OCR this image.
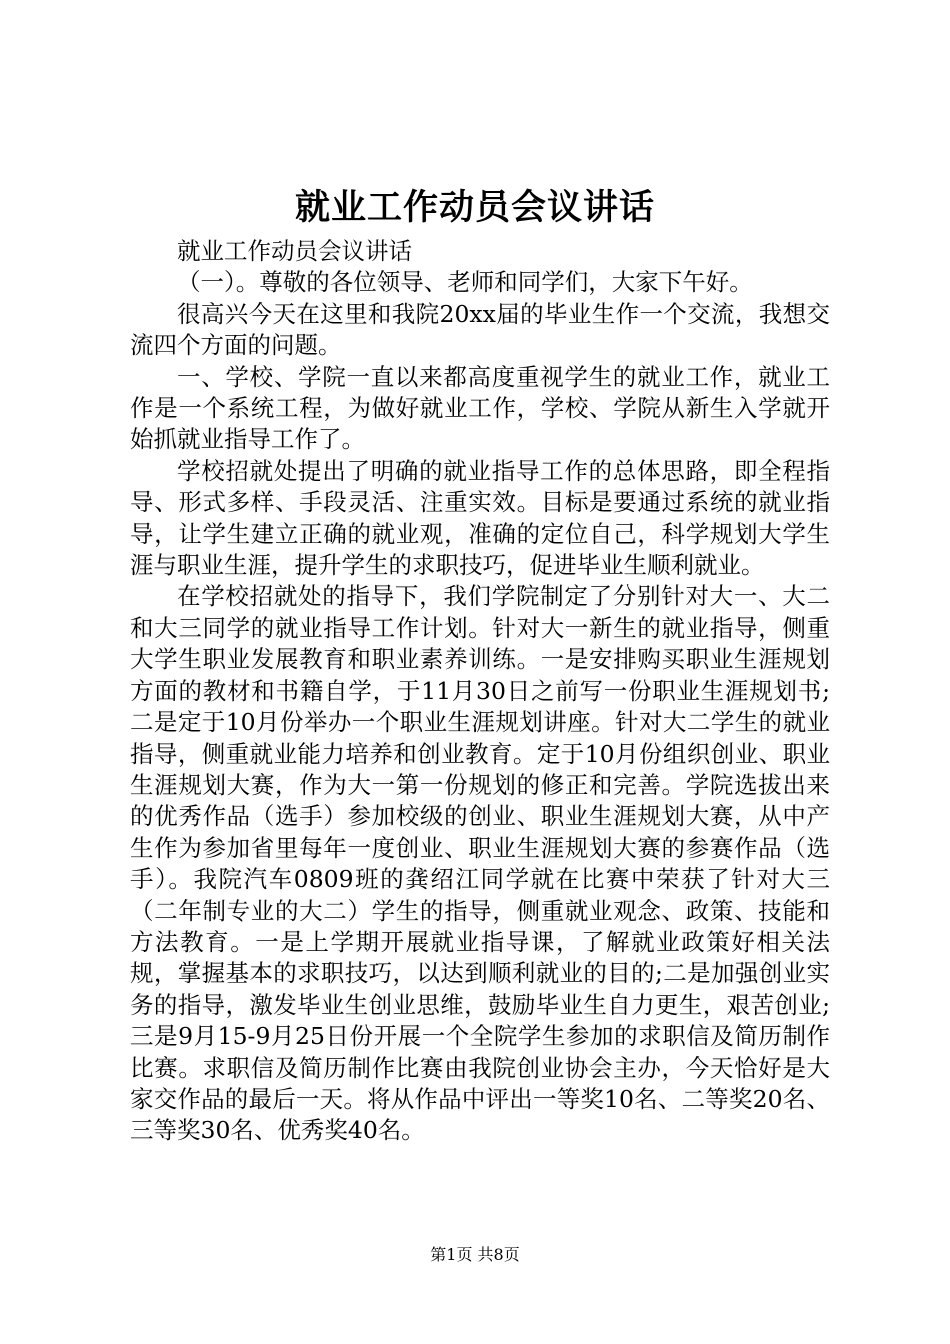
就业工作动员会议讲话

就业工作动员会议讲话

（一）。尊敬的各位领导、老师和同学们，大家下午好。

很高兴今天在这里和我院20xx届的毕业生作一个交流，我想交流四个方面的问题。

一、学校、学院一直以来都高度重视学生的就业工作，就业工作是一个系统工程，为做好就业工作，学校、学院从新生入学就开始抓就业指导工作了。

学校招就处提出了明确的就业指导工作的总体思路，即全程指导、形式多样、手段灵活、注重实效。目标是要通过系统的就业指导，让学生建立正确的就业观，准确的定位自己，科学规划大学生涯与职业生涯，提升学生的求职技巧，促进毕业生顺利就业。

在学校招就处的指导下，我们学院制定了分别针对大一、大二和大三同学的就业指导工作计划。针对大一新生的就业指导，侧重大学生职业发展教育和职业素养训练。一是安排购买职业生涯规划方面的教材和书籍自学，于11月30日之前写一份职业生涯规划书;二是定于10月份举办一个职业生涯规划讲座。针对大二学生的就业指导，侧重就业能力培养和创业教育。定于10月份组织创业、职业生涯规划大赛，作为大一第一份规划的修正和完善。学院选拔出来的优秀作品（选手）参加校级的创业、职业生涯规划大赛，从中产生作为参加省里每年一度创业、职业生涯规划大赛的参赛作品（选手）。我院汽车0809班的龚绍江同学就在比赛中荣获了针对大三（二年制专业的大二）学生的指导，侧重就业观念、政策、技能和方法教育。一是上学期开展就业指导课，了解就业政策好相关法规，掌握基本的求职技巧，以达到顺利就业的目的;二是加强创业实务的指导，激发毕业生创业思维，鼓励毕业生自力更生，艰苦创业;三是9月15-9月25日份开展一个全院学生参加的求职信及简历制作比赛。求职信及简历制作比赛由我院创业协会主办，今天恰好是大家交作品的最后一天。将从作品中评出一等奖10名、二等奖20名、三等奖30名、优秀奖40名。

第1页 共8页
